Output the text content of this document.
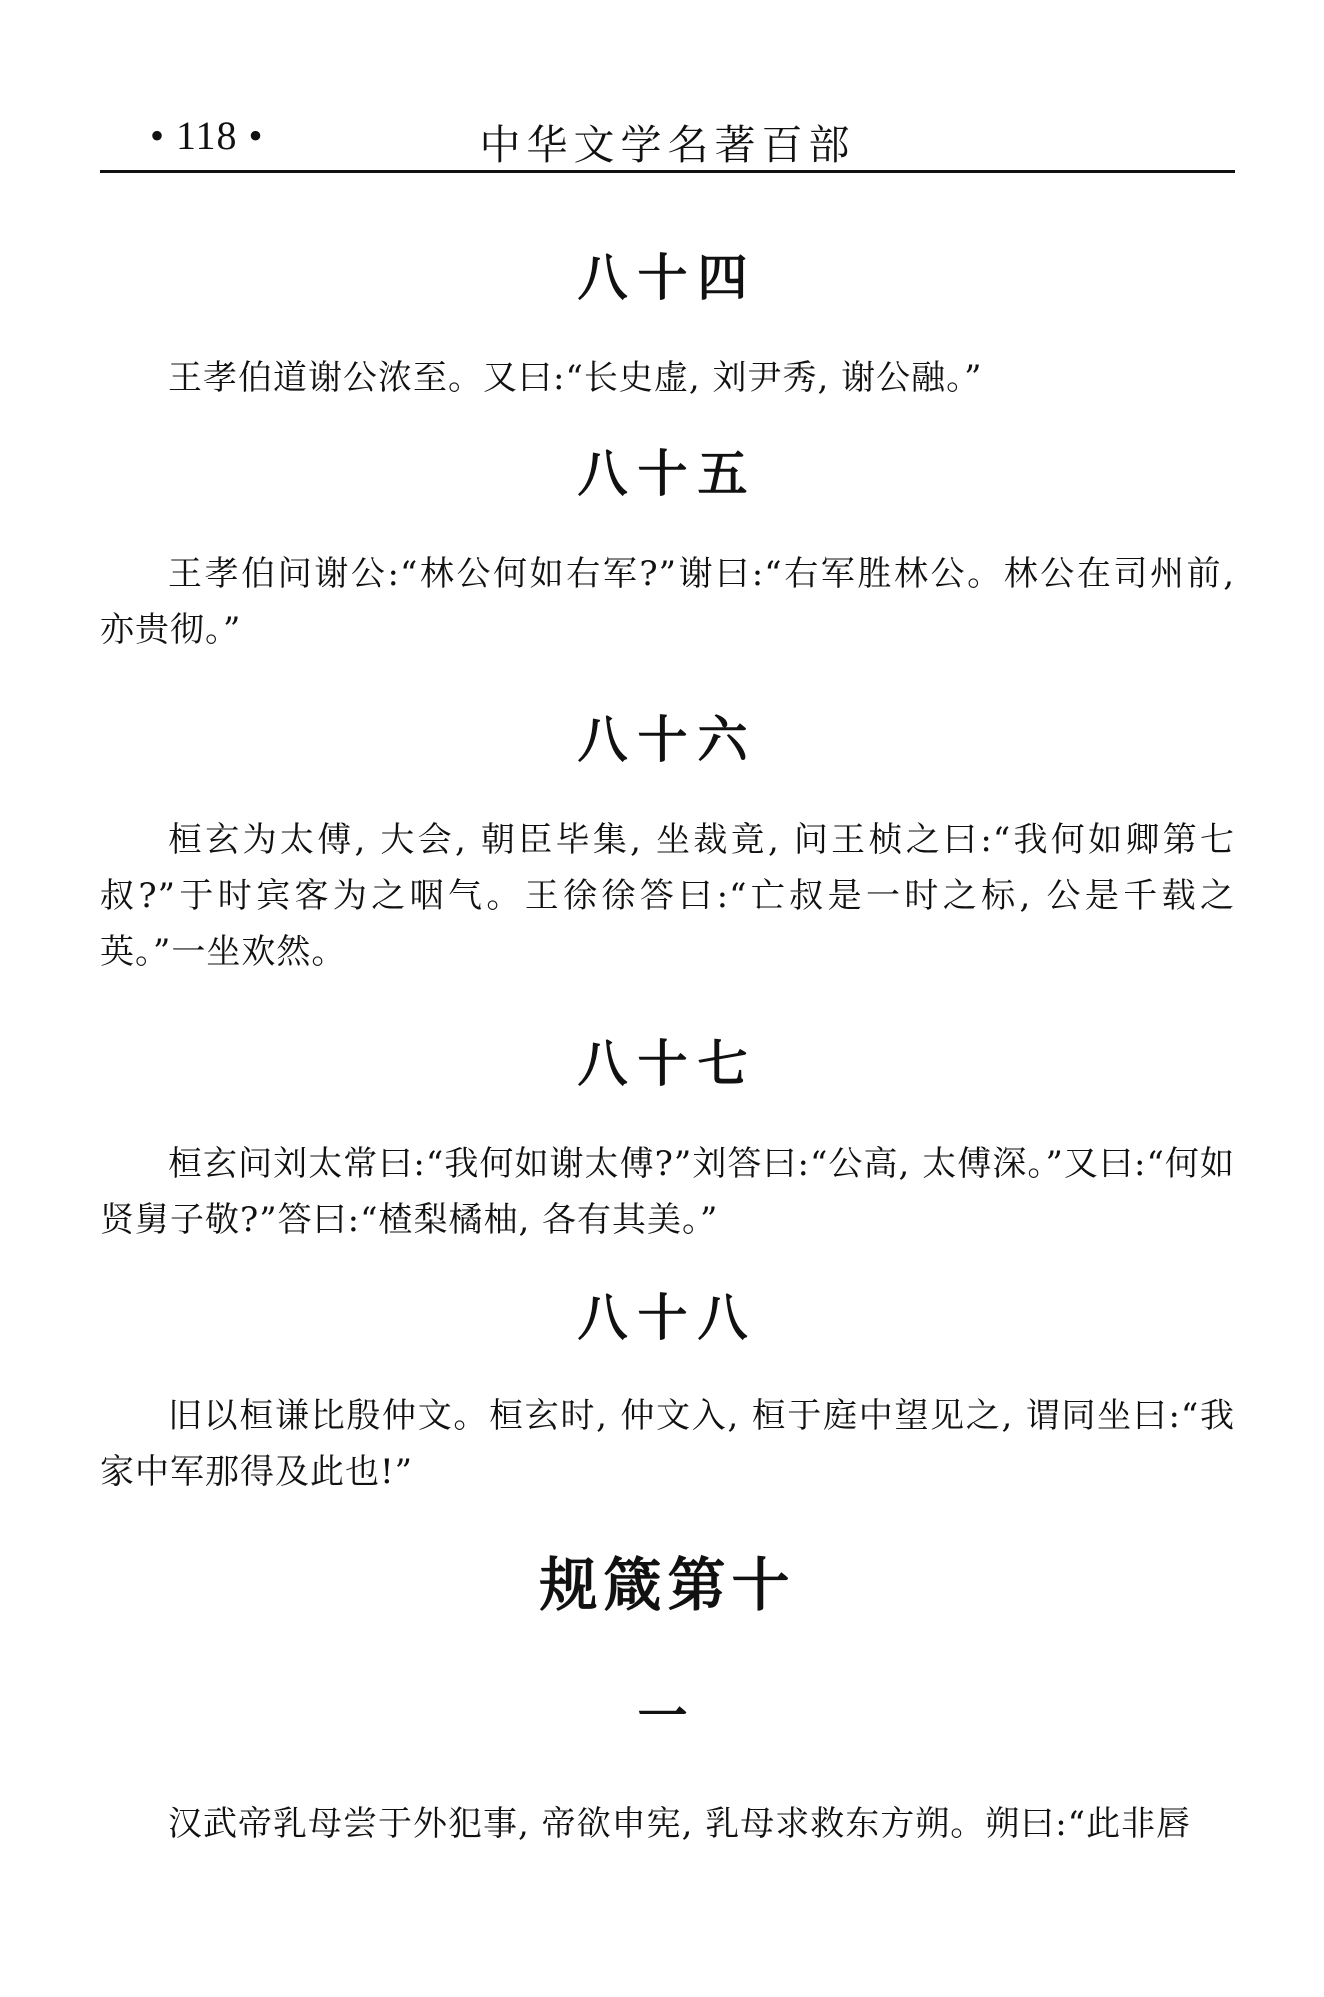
• 118 •	中华文学名著百部
八十四

王孝伯道谢公浓至。又曰:“长史虚, 刘尹秀, 谢公融。”

八十五

王孝伯问谢公:“林公何如右军?”谢曰:“右军胜林公。林公在司州前, 亦贵彻。”

八十六

桓玄为太傅, 大会, 朝臣毕集, 坐裁竟, 问王桢之曰:“我何如卿第七叔?”于时宾客为之咽气。王徐徐答曰:“亡叔是一时之标, 公是千载之英。”一坐欢然。

八十七

桓玄问刘太常曰:“我何如谢太傅?”刘答曰:“公高, 太傅深。”又曰:“何如贤舅子敬?”答曰:“楂梨橘柚, 各有其美。”

八十八

旧以桓谦比殷仲文。桓玄时, 仲文入, 桓于庭中望见之, 谓同坐曰:“我家中军那得及此也!”

规箴第十
一

汉武帝乳母尝于外犯事, 帝欲申宪, 乳母求救东方朔。朔曰:“此非唇
